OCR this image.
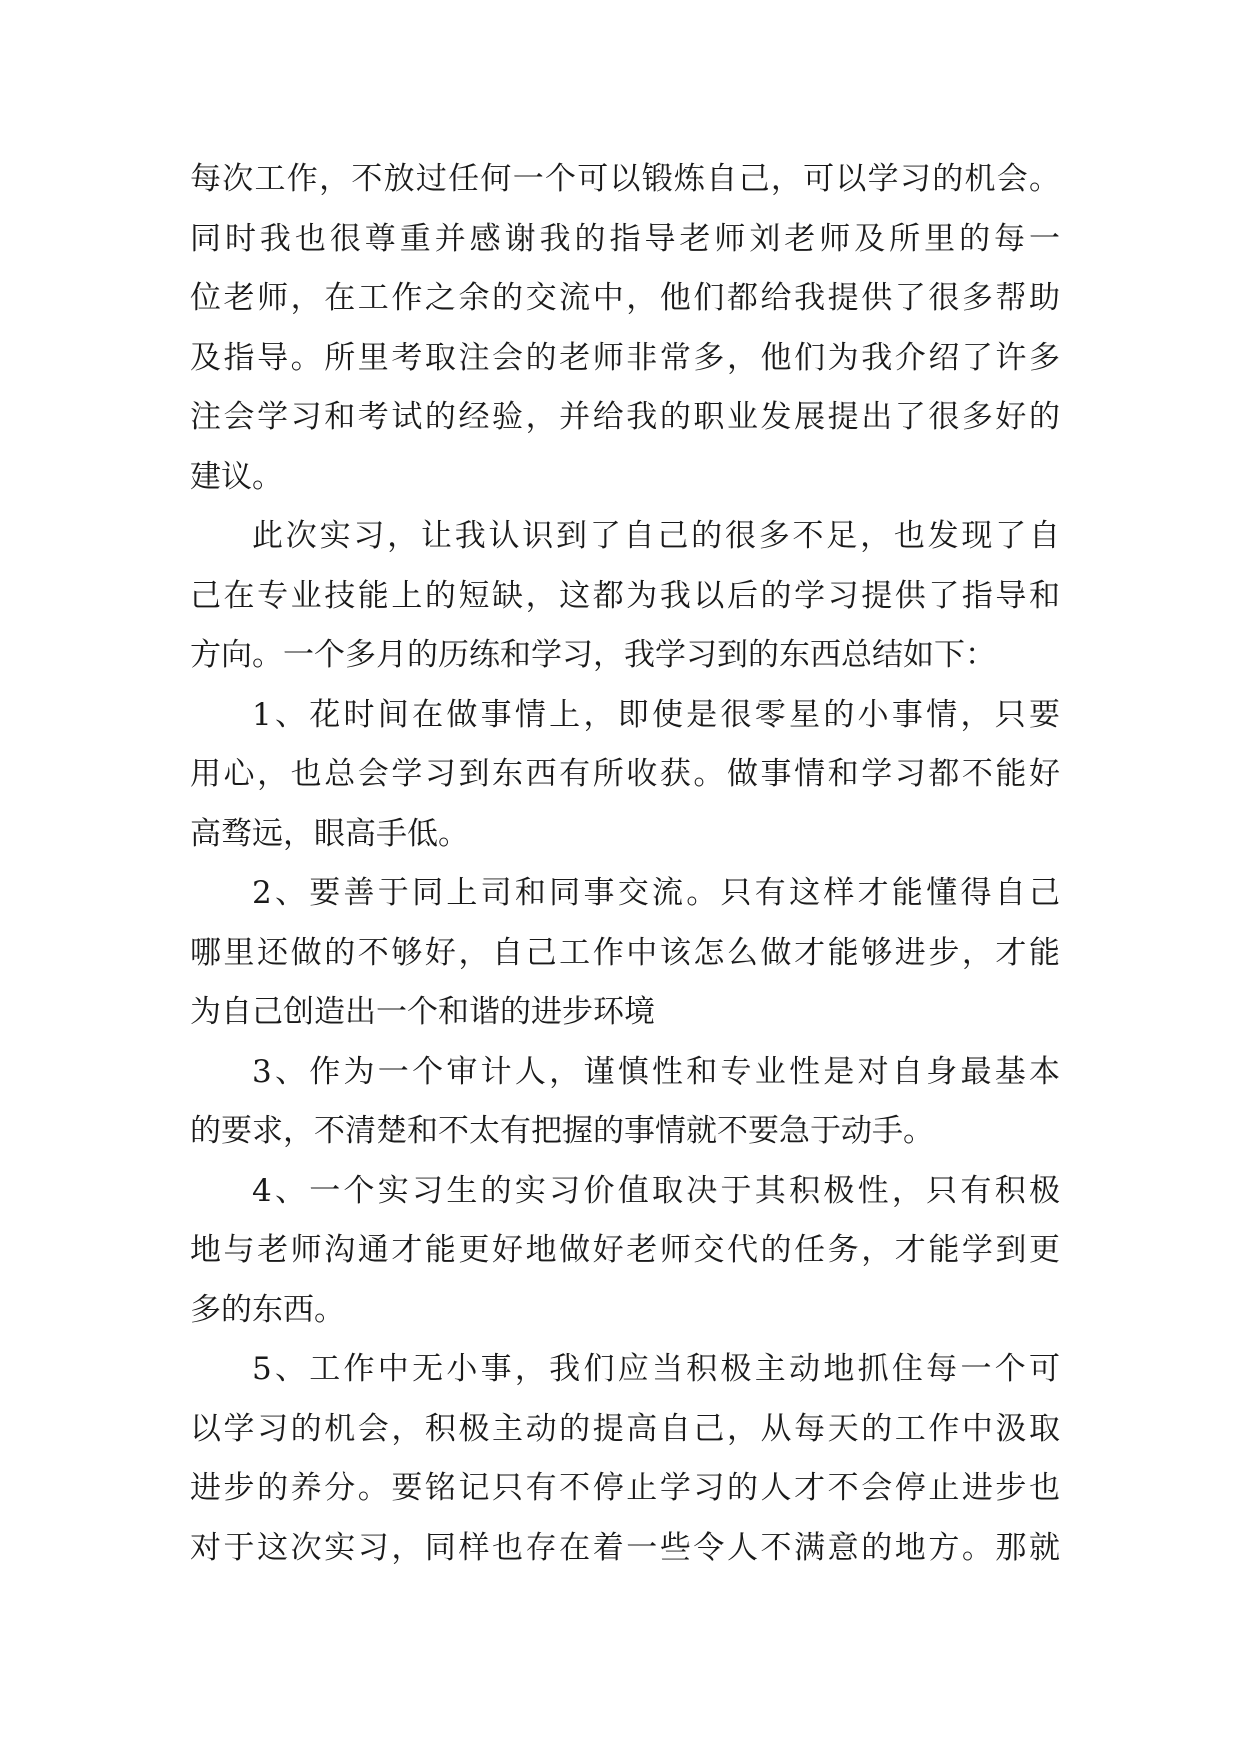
每次工作，不放过任何一个可以锻炼自己，可以学习的机会。
同时我也很尊重并感谢我的指导老师刘老师及所里的每一
位老师，在工作之余的交流中，他们都给我提供了很多帮助
及指导。所里考取注会的老师非常多，他们为我介绍了许多
注会学习和考试的经验，并给我的职业发展提出了很多好的
建议。
此次实习，让我认识到了自己的很多不足，也发现了自
己在专业技能上的短缺，这都为我以后的学习提供了指导和
方向。一个多月的历练和学习，我学习到的东西总结如下：
1、花时间在做事情上，即使是很零星的小事情，只要
用心，也总会学习到东西有所收获。做事情和学习都不能好
高骛远，眼高手低。
2、要善于同上司和同事交流。只有这样才能懂得自己
哪里还做的不够好，自己工作中该怎么做才能够进步，才能
为自己创造出一个和谐的进步环境
3、作为一个审计人，谨慎性和专业性是对自身最基本
的要求，不清楚和不太有把握的事情就不要急于动手。
4、一个实习生的实习价值取决于其积极性，只有积极
地与老师沟通才能更好地做好老师交代的任务，才能学到更
多的东西。
5、工作中无小事，我们应当积极主动地抓住每一个可
以学习的机会，积极主动的提高自己，从每天的工作中汲取
进步的养分。要铭记只有不停止学习的人才不会停止进步也
对于这次实习，同样也存在着一些令人不满意的地方。那就
